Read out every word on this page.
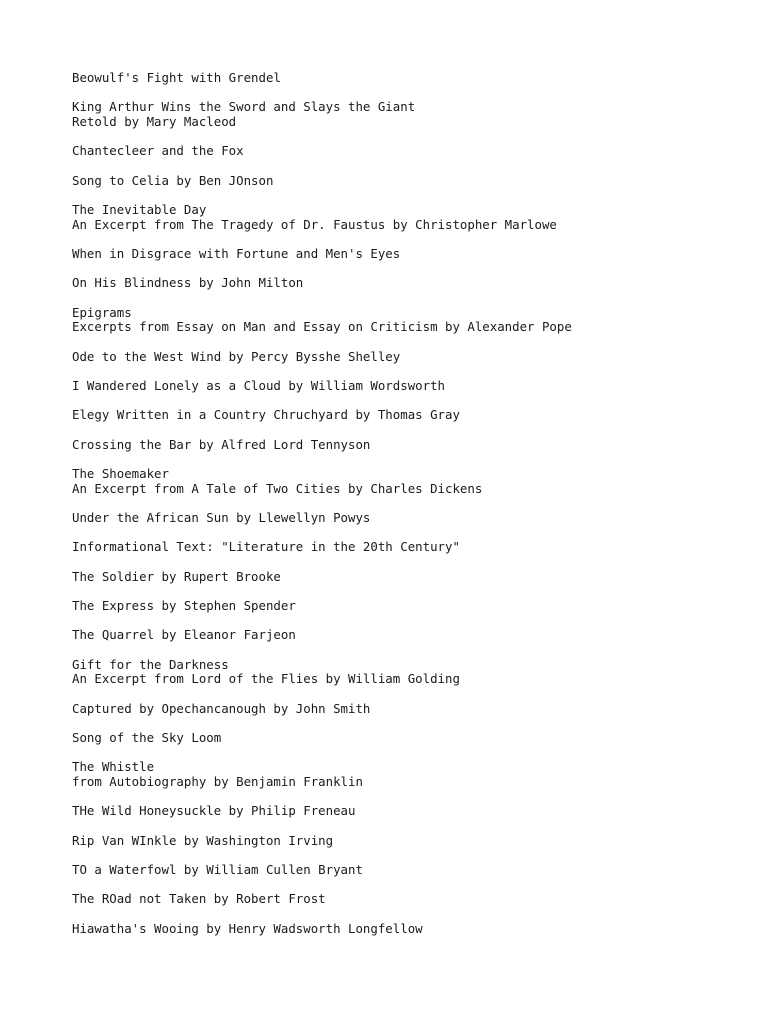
Beowulf's Fight with Grendel
King Arthur Wins the Sword and Slays the Giant
Retold by Mary Macleod
Chantecleer and the Fox
Song to Celia by Ben JOnson
The Inevitable Day
An Excerpt from The Tragedy of Dr. Faustus by Christopher Marlowe
When in Disgrace with Fortune and Men's Eyes
On His Blindness by John Milton
Epigrams
Excerpts from Essay on Man and Essay on Criticism by Alexander Pope
Ode to the West Wind by Percy Bysshe Shelley
I Wandered Lonely as a Cloud by William Wordsworth
Elegy Written in a Country Chruchyard by Thomas Gray
Crossing the Bar by Alfred Lord Tennyson
The Shoemaker
An Excerpt from A Tale of Two Cities by Charles Dickens
Under the African Sun by Llewellyn Powys
Informational Text: "Literature in the 20th Century"
The Soldier by Rupert Brooke
The Express by Stephen Spender
The Quarrel by Eleanor Farjeon
Gift for the Darkness
An Excerpt from Lord of the Flies by William Golding
Captured by Opechancanough by John Smith
Song of the Sky Loom
The Whistle
from Autobiography by Benjamin Franklin
THe Wild Honeysuckle by Philip Freneau
Rip Van WInkle by Washington Irving
TO a Waterfowl by William Cullen Bryant
The ROad not Taken by Robert Frost
Hiawatha's Wooing by Henry Wadsworth Longfellow
